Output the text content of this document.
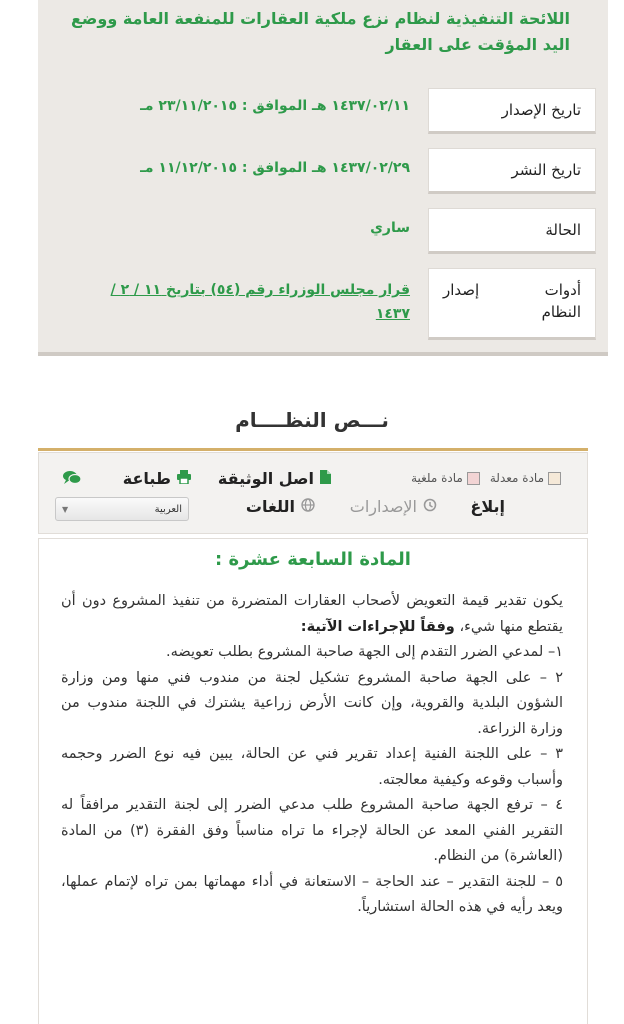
اللائحة التنفيذية لنظام نزع ملكية العقارات للمنفعة العامة ووضع اليد المؤقت على العقار
تاريخ الإصدار
١٤٣٧/٠٢/١١ هـ الموافق : ٢٣/١١/٢٠١٥ مـ
تاريخ النشر
١٤٣٧/٠٢/٢٩ هـ الموافق : ١١/١٢/٢٠١٥ مـ
الحالة
ساري
أدوات النظام
إصدار
قرار مجلس الوزراء رقم (٥٤) بتاريخ ١١ / ٢ / ١٤٣٧
نـــص النظــــام
مادة معدلة
مادة ملغية
اصل الوثيقة
طباعة
إبلاغ
الإصدارات
اللغات
العربية
▼
المادة السابعة عشرة :

يكون تقدير قيمة التعويض لأصحاب العقارات المتضررة من تنفيذ المشروع دون أن يقتطع منها شيء، وفقاً للإجراءات الآتية:

١– لمدعي الضرر التقدم إلى الجهة صاحبة المشروع بطلب تعويضه.

٢ – على الجهة صاحبة المشروع تشكيل لجنة من مندوب فني منها ومن وزارة الشؤون البلدية والقروية، وإن كانت الأرض زراعية يشترك في اللجنة مندوب من وزارة الزراعة.

٣ – على اللجنة الفنية إعداد تقرير فني عن الحالة، يبين فيه نوع الضرر وحجمه وأسباب وقوعه وكيفية معالجته.

٤ – ترفع الجهة صاحبة المشروع طلب مدعي الضرر إلى لجنة التقدير مرافقاً له التقرير الفني المعد عن الحالة لإجراء ما تراه مناسباً وفق الفقرة (٣) من المادة (العاشرة) من النظام.

٥ – للجنة التقدير – عند الحاجة – الاستعانة في أداء مهماتها بمن تراه لإتمام عملها، ويعد رأيه في هذه الحالة استشارياً.
